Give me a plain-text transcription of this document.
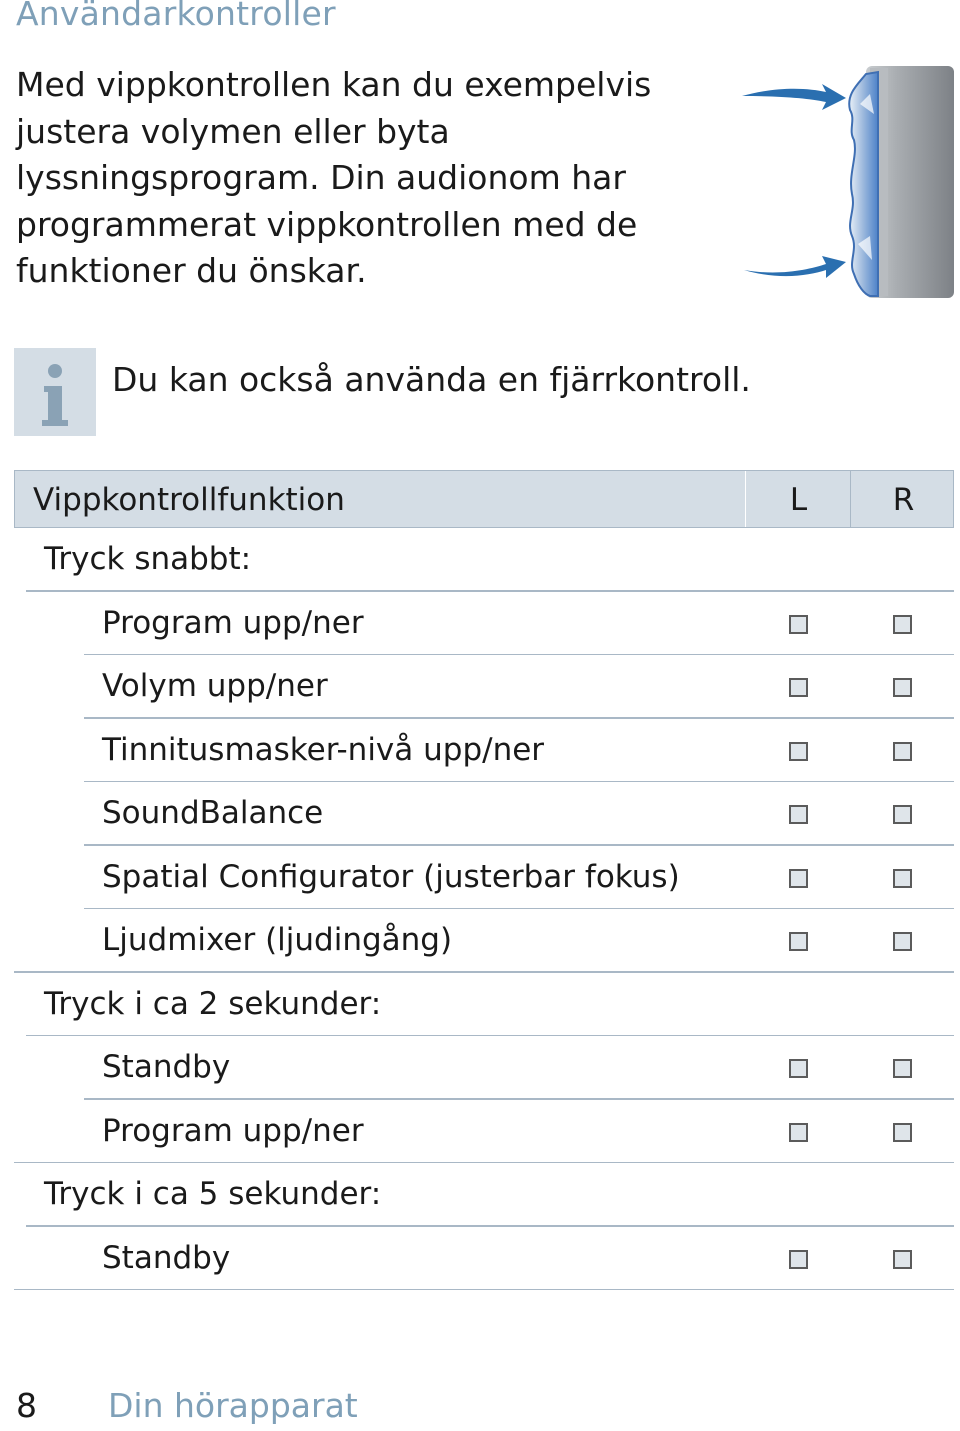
Användarkontroller

Med vippkontrollen kan du exempelvis justera volymen eller byta lyssningsprogram. Din audionom har programmerat vippkontrollen med de funktioner du önskar.

Du kan också använda en fjärrkontroll.
Vippkontrollfunktion	L	R
Tryck snabbt:
Program upp/ner
Volym upp/ner
Tinnitusmasker-nivå upp/ner
SoundBalance
Spatial Configurator (justerbar fokus)
Ljudmixer (ljudingång)
Tryck i ca 2 sekunder:
Standby
Program upp/ner
Tryck i ca 5 sekunder:
Standby
8 Din hörapparat
